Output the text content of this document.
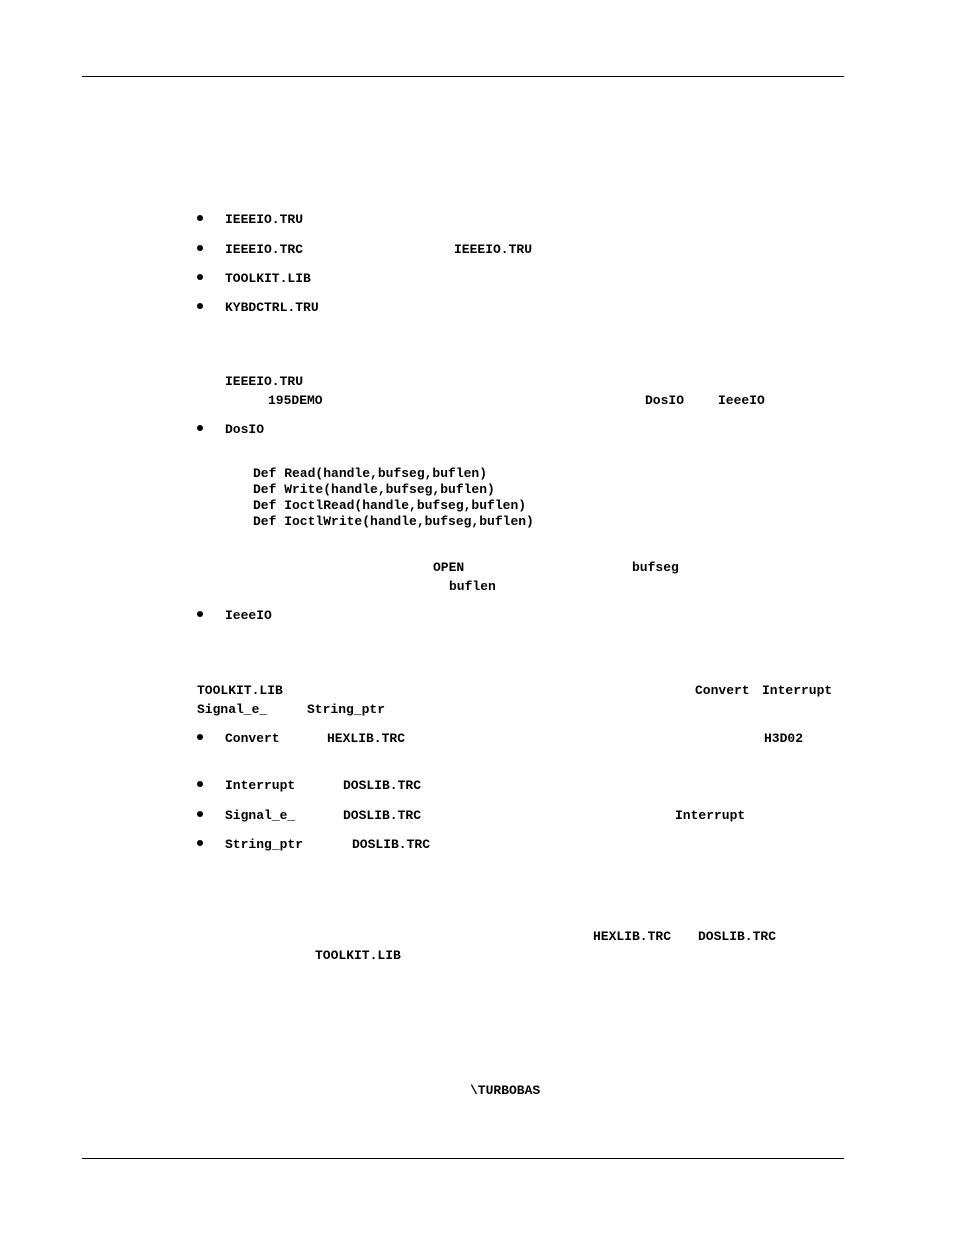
IEEEIO.TRU
IEEEIO.TRC	IEEEIO.TRU
TOOLKIT.LIB
KYBDCTRL.TRU
IEEEIO.TRU
195DEMO	DosIO	IeeeIO
DosIO
Def Read(handle,bufseg,buflen)
Def Write(handle,bufseg,buflen)
Def IoctlRead(handle,bufseg,buflen)
Def IoctlWrite(handle,bufseg,buflen)
OPEN	bufseg
buflen
IeeeIO
TOOLKIT.LIB	Convert Interrupt
Signal_e_	String_ptr
Convert	HEXLIB.TRC	H3D02
Interrupt	DOSLIB.TRC
Signal_e_	DOSLIB.TRC	Interrupt
String_ptr	DOSLIB.TRC
HEXLIB.TRC DOSLIB.TRC
TOOLKIT.LIB
\TURBOBAS
